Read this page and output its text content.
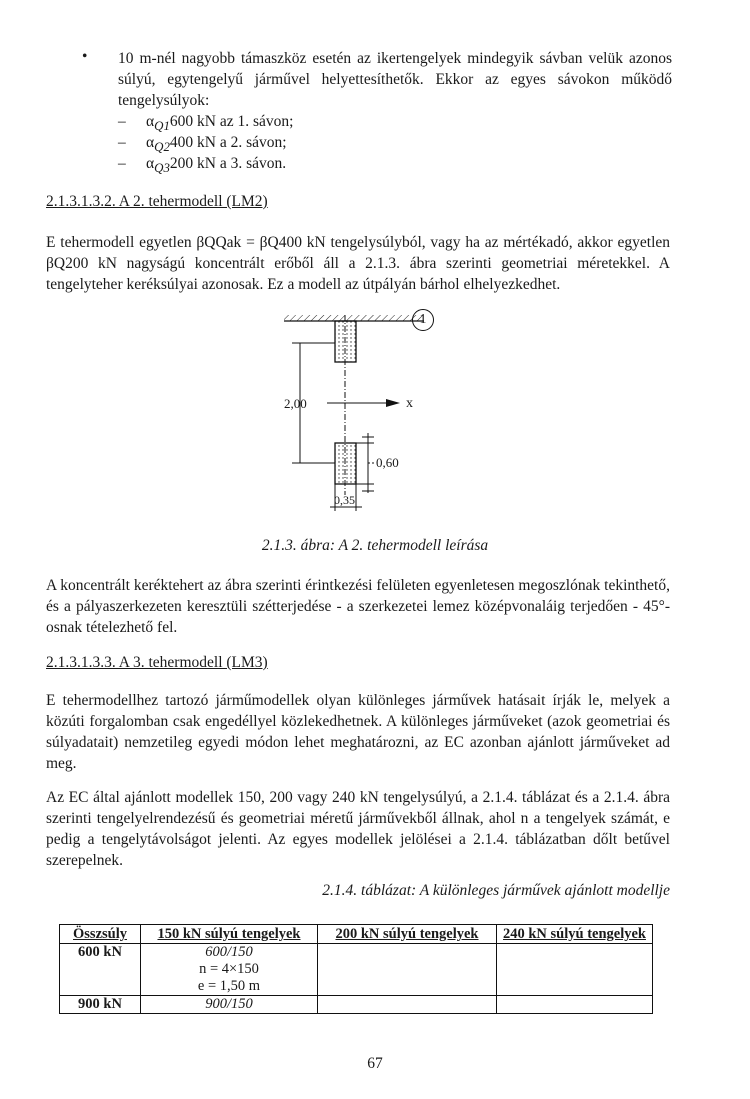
• 10 m-nél nagyobb támaszköz esetén az ikertengelyek mindegyik sávban velük azonos súlyú, egytengelyű járművel helyettesíthetők. Ekkor az egyes sávokon működő tengelysúlyok:

– $\alpha_{Q1}600$ kN az 1. sávon;
– $\alpha_{Q2}400$ kN a 2. sávon;
– $\alpha_{Q3}200$ kN a 3. sávon.
2.1.3.1.3.2. A 2. tehermodell (LM2)

E tehermodell egyetlen βQQak = βQ400 kN tengelysúlyból, vagy ha az mértékadó, akkor egyetlen βQ200 kN nagyságú koncentrált erőből áll a 2.1.3. ábra szerinti geometriai méretekkel. A tengelyteher keréksúlyai azonosak. Ez a modell az útpályán bárhol elhelyezkedhet.

1
2,00	x
0,60
0,35
2.1.3. ábra: A 2. tehermodell leírása

A koncentrált keréktehert az ábra szerinti érintkezési felületen egyenletesen megoszlónak tekinthető, és a pályaszerkezeten keresztüli szétterjedése - a szerkezetei lemez középvonaláig terjedően - 45°-osnak tételezhető fel.

2.1.3.1.3.3. A 3. tehermodell (LM3)

E tehermodellhez tartozó járműmodellek olyan különleges járművek hatásait írják le, melyek a közúti forgalomban csak engedéllyel közlekedhetnek. A különleges járműveket (azok geometriai és súlyadatait) nemzetileg egyedi módon lehet meghatározni, az EC azonban ajánlott járműveket ad meg.

Az EC által ajánlott modellek 150, 200 vagy 240 kN tengelysúlyú, a 2.1.4. táblázat és a 2.1.4. ábra szerinti tengelyelrendezésű és geometriai méretű járművekből állnak, ahol n a tengelyek számát, e pedig a tengelytávolságot jelenti. Az egyes modellek jelölései a 2.1.4. táblázatban dőlt betűvel szerepelnek.

2.1.4. táblázat: A különleges járművek ajánlott modellje
Összsúly	150 kN súlyú tengelyek	200 kN súlyú tengelyek	240 kN súlyú tengelyek
600 kN	600/150
n = 4×150
e = 1,50 m		

900 kN	900/150		

67
